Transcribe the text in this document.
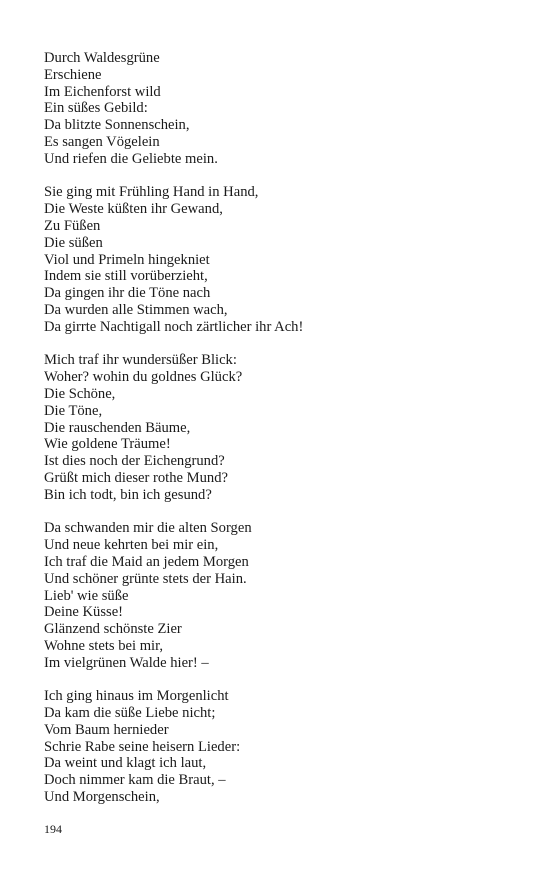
Durch Waldesgrüne
Erschiene
Im Eichenforst wild
Ein süßes Gebild:
Da blitzte Sonnenschein,
Es sangen Vögelein
Und riefen die Geliebte mein.
Sie ging mit Frühling Hand in Hand,
Die Weste küßten ihr Gewand,
Zu Füßen
Die süßen
Viol und Primeln hingekniet
Indem sie still vorüberzieht,
Da gingen ihr die Töne nach
Da wurden alle Stimmen wach,
Da girrte Nachtigall noch zärtlicher ihr Ach!
Mich traf ihr wundersüßer Blick:
Woher? wohin du goldnes Glück?
Die Schöne,
Die Töne,
Die rauschenden Bäume,
Wie goldene Träume!
Ist dies noch der Eichengrund?
Grüßt mich dieser rothe Mund?
Bin ich todt, bin ich gesund?
Da schwanden mir die alten Sorgen
Und neue kehrten bei mir ein,
Ich traf die Maid an jedem Morgen
Und schöner grünte stets der Hain.
Lieb' wie süße
Deine Küsse!
Glänzend schönste Zier
Wohne stets bei mir,
Im vielgrünen Walde hier! –
Ich ging hinaus im Morgenlicht
Da kam die süße Liebe nicht;
Vom Baum hernieder
Schrie Rabe seine heisern Lieder:
Da weint und klagt ich laut,
Doch nimmer kam die Braut, –
Und Morgenschein,
194
